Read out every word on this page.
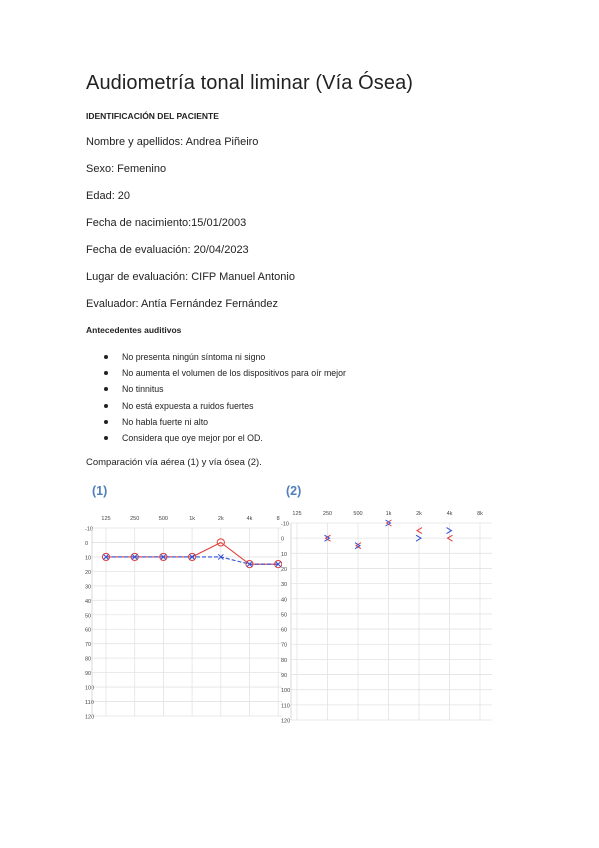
Audiometría tonal liminar (Vía Ósea)
IDENTIFICACIÓN DEL PACIENTE
Nombre y apellidos: Andrea Piñeiro
Sexo: Femenino
Edad: 20
Fecha de nacimiento:15/01/2003
Fecha de evaluación: 20/04/2023
Lugar de evaluación: CIFP Manuel Antonio
Evaluador: Antía Fernández Fernández
Antecedentes auditivos
No presenta ningún síntoma ni signo
No aumenta el volumen de los dispositivos para oír mejor
No tinnitus
No está expuesta a ruidos fuertes
No habla fuerte ni alto
Considera que oye mejor por el OD.
Comparación vía aérea (1) y vía ósea (2).
(1)	(2)
-10
0
10
20
30
40
50
60
70
80
90
100
110
120
125	250	500	1k	2k	4k	8
-10
0
10
20
30
40
50
60
70
80
90
100
110
120
125	250	500	1k	2k	4k	8k
